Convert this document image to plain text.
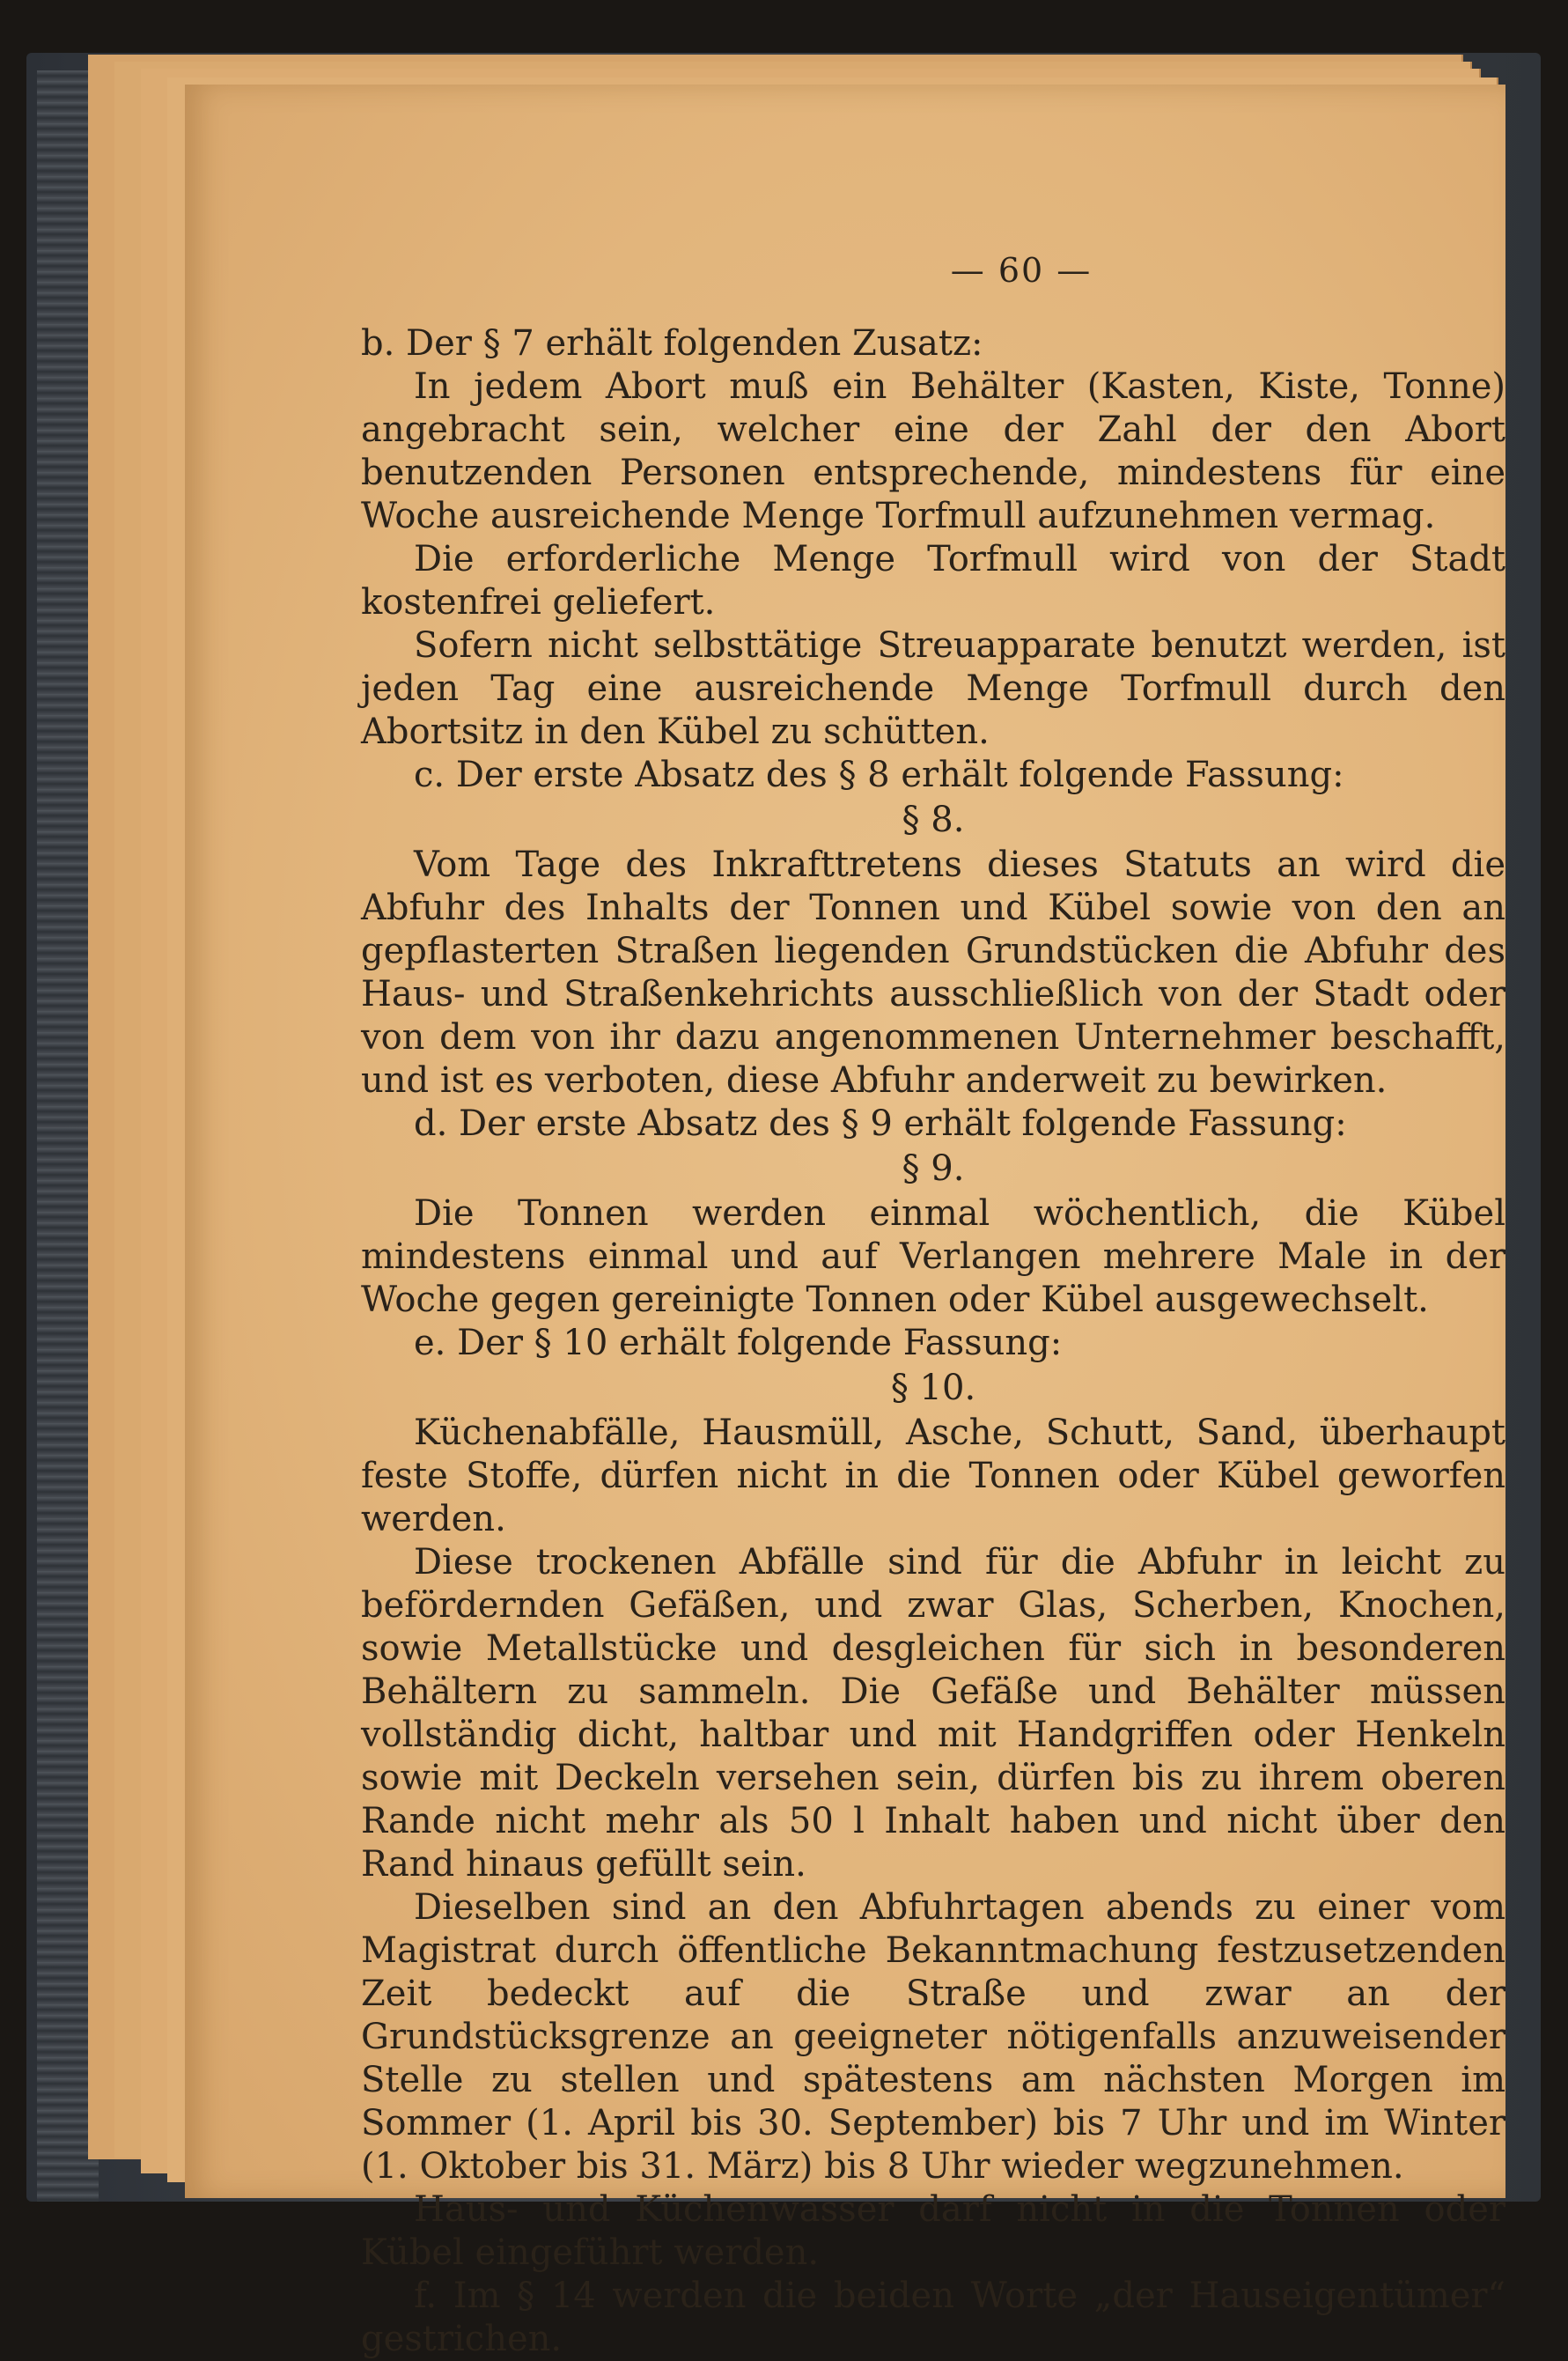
— 60 —

b. Der § 7 erhält folgenden Zusatz:

In jedem Abort muß ein Behälter (Kasten, Kiste, Tonne) angebracht sein, welcher eine der Zahl der den Abort benutzenden Personen entsprechende, mindestens für eine Woche ausreichende Menge Torfmull aufzunehmen vermag.

Die erforderliche Menge Torfmull wird von der Stadt kostenfrei geliefert.

Sofern nicht selbsttätige Streuapparate benutzt werden, ist jeden Tag eine ausreichende Menge Torfmull durch den Abortsitz in den Kübel zu schütten.

c. Der erste Absatz des § 8 erhält folgende Fassung:

§ 8.

Vom Tage des Inkrafttretens dieses Statuts an wird die Abfuhr des Inhalts der Tonnen und Kübel sowie von den an gepflasterten Straßen liegenden Grundstücken die Abfuhr des Haus- und Straßenkehrichts ausschließlich von der Stadt oder von dem von ihr dazu angenommenen Unternehmer beschafft, und ist es verboten, diese Abfuhr anderweit zu bewirken.

d. Der erste Absatz des § 9 erhält folgende Fassung:

§ 9.

Die Tonnen werden einmal wöchentlich, die Kübel mindestens einmal und auf Verlangen mehrere Male in der Woche gegen gereinigte Tonnen oder Kübel ausgewechselt.

e. Der § 10 erhält folgende Fassung:

§ 10.

Küchenabfälle, Hausmüll, Asche, Schutt, Sand, überhaupt feste Stoffe, dürfen nicht in die Tonnen oder Kübel geworfen werden.

Diese trockenen Abfälle sind für die Abfuhr in leicht zu befördernden Gefäßen, und zwar Glas, Scherben, Knochen, sowie Metallstücke und desgleichen für sich in besonderen Behältern zu sammeln. Die Gefäße und Behälter müssen vollständig dicht, haltbar und mit Handgriffen oder Henkeln sowie mit Deckeln versehen sein, dürfen bis zu ihrem oberen Rande nicht mehr als 50 l Inhalt haben und nicht über den Rand hinaus gefüllt sein.

Dieselben sind an den Abfuhrtagen abends zu einer vom Magistrat durch öffentliche Bekanntmachung festzusetzenden Zeit bedeckt auf die Straße und zwar an der Grundstücksgrenze an geeigneter nötigenfalls anzuweisender Stelle zu stellen und spätestens am nächsten Morgen im Sommer (1. April bis 30. September) bis 7 Uhr und im Winter (1. Oktober bis 31. März) bis 8 Uhr wieder wegzunehmen.

Haus- und Küchenwasser darf nicht in die Tonnen oder Kübel eingeführt werden.

f. Im § 14 werden die beiden Worte „der Hauseigentümer“ gestrichen.
